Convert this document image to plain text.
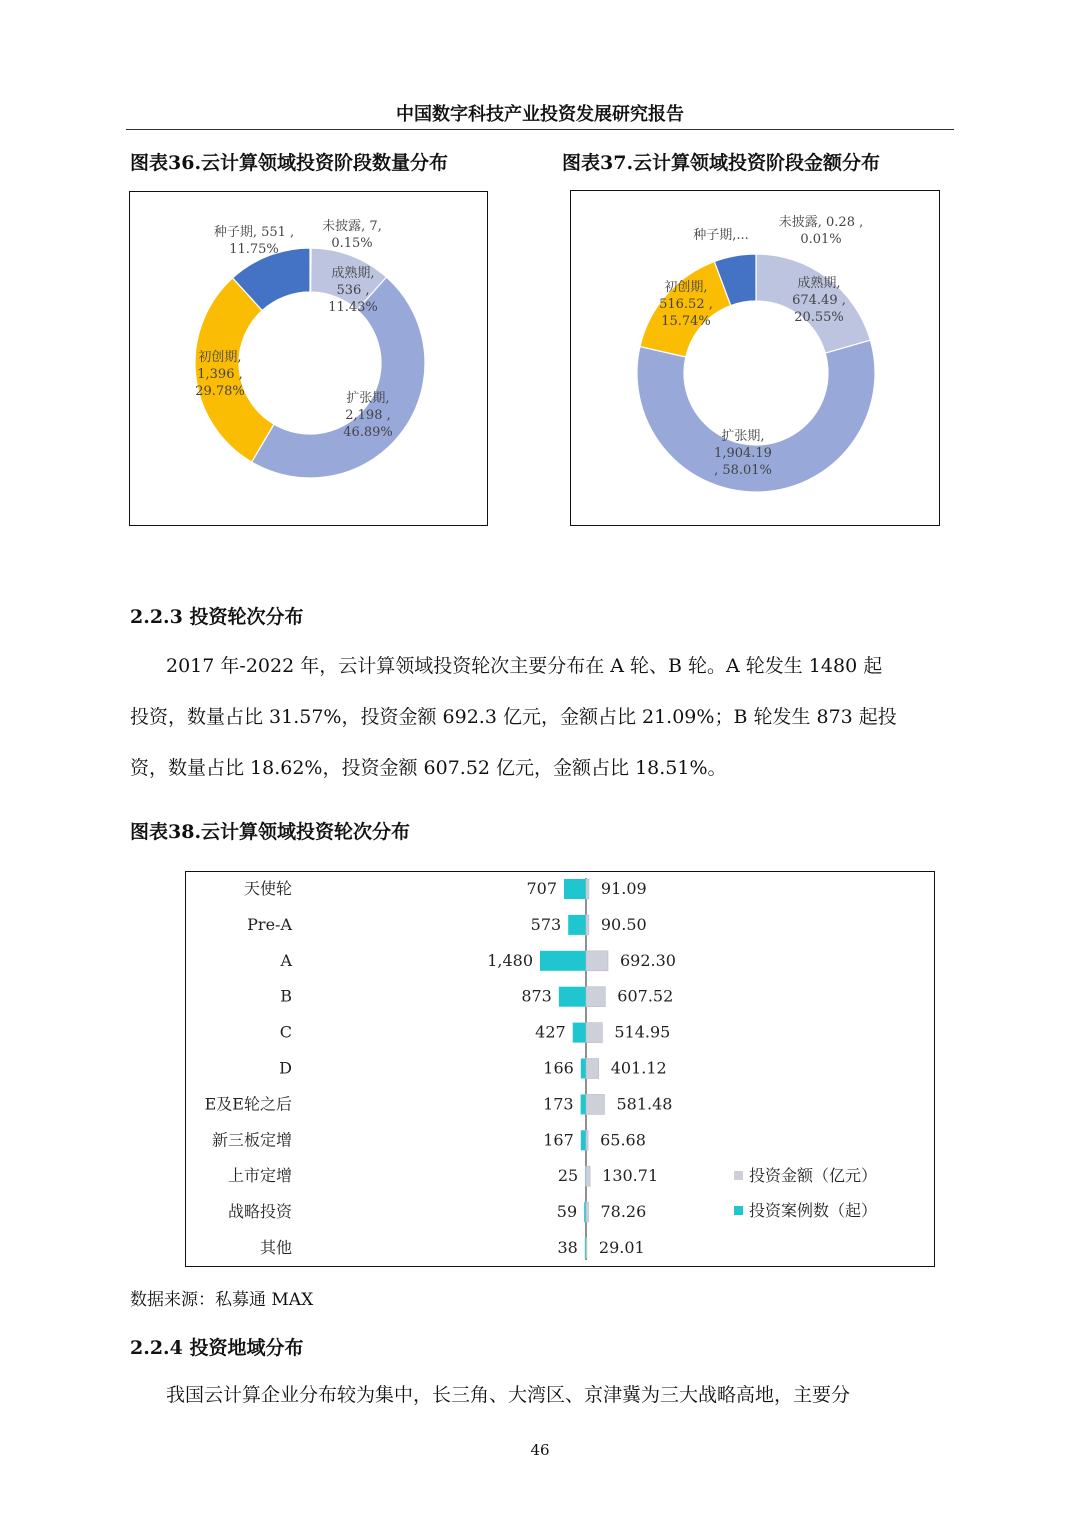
中国数字科技产业投资发展研究报告
图表36.云计算领域投资阶段数量分布
种子期, 551 , 11.75%
未披露, 7, 0.15%
成熟期, 536 , 11.43%
初创期, 1,396 , 29.78%	扩张期, 2,198 , 46.89%
图表37.云计算领域投资阶段金额分布
未披露, 0.28 , 0.01%
种子期,...
成熟期, 674.49 , 20.55%
初创期, 516.52 , 15.74%
扩张期, 1,904.19 , 58.01%
2.2.3 投资轮次分布
2017 年-2022 年，云计算领域投资轮次主要分布在 A 轮、B 轮。A 轮发生 1480 起
投资，数量占比 31.57%，投资金额 692.3 亿元，金额占比 21.09%；B 轮发生 873 起投
资，数量占比 18.62%，投资金额 607.52 亿元，金额占比 18.51%。
图表38.云计算领域投资轮次分布
天使轮	707	91.09
Pre-A	573 90.50
A	1,480	692.30
B	873	607.52
C	427	514.95
D	166 401.12
E及E轮之后	173	581.48
新三板定增	167 65.68
上市定增	25 130.71
战略投资	59 78.26
其他	38 29.01
投资金额（亿元）
投资案例数（起）
数据来源：私募通 MAX
2.2.4 投资地域分布
我国云计算企业分布较为集中，长三角、大湾区、京津冀为三大战略高地，主要分
46
